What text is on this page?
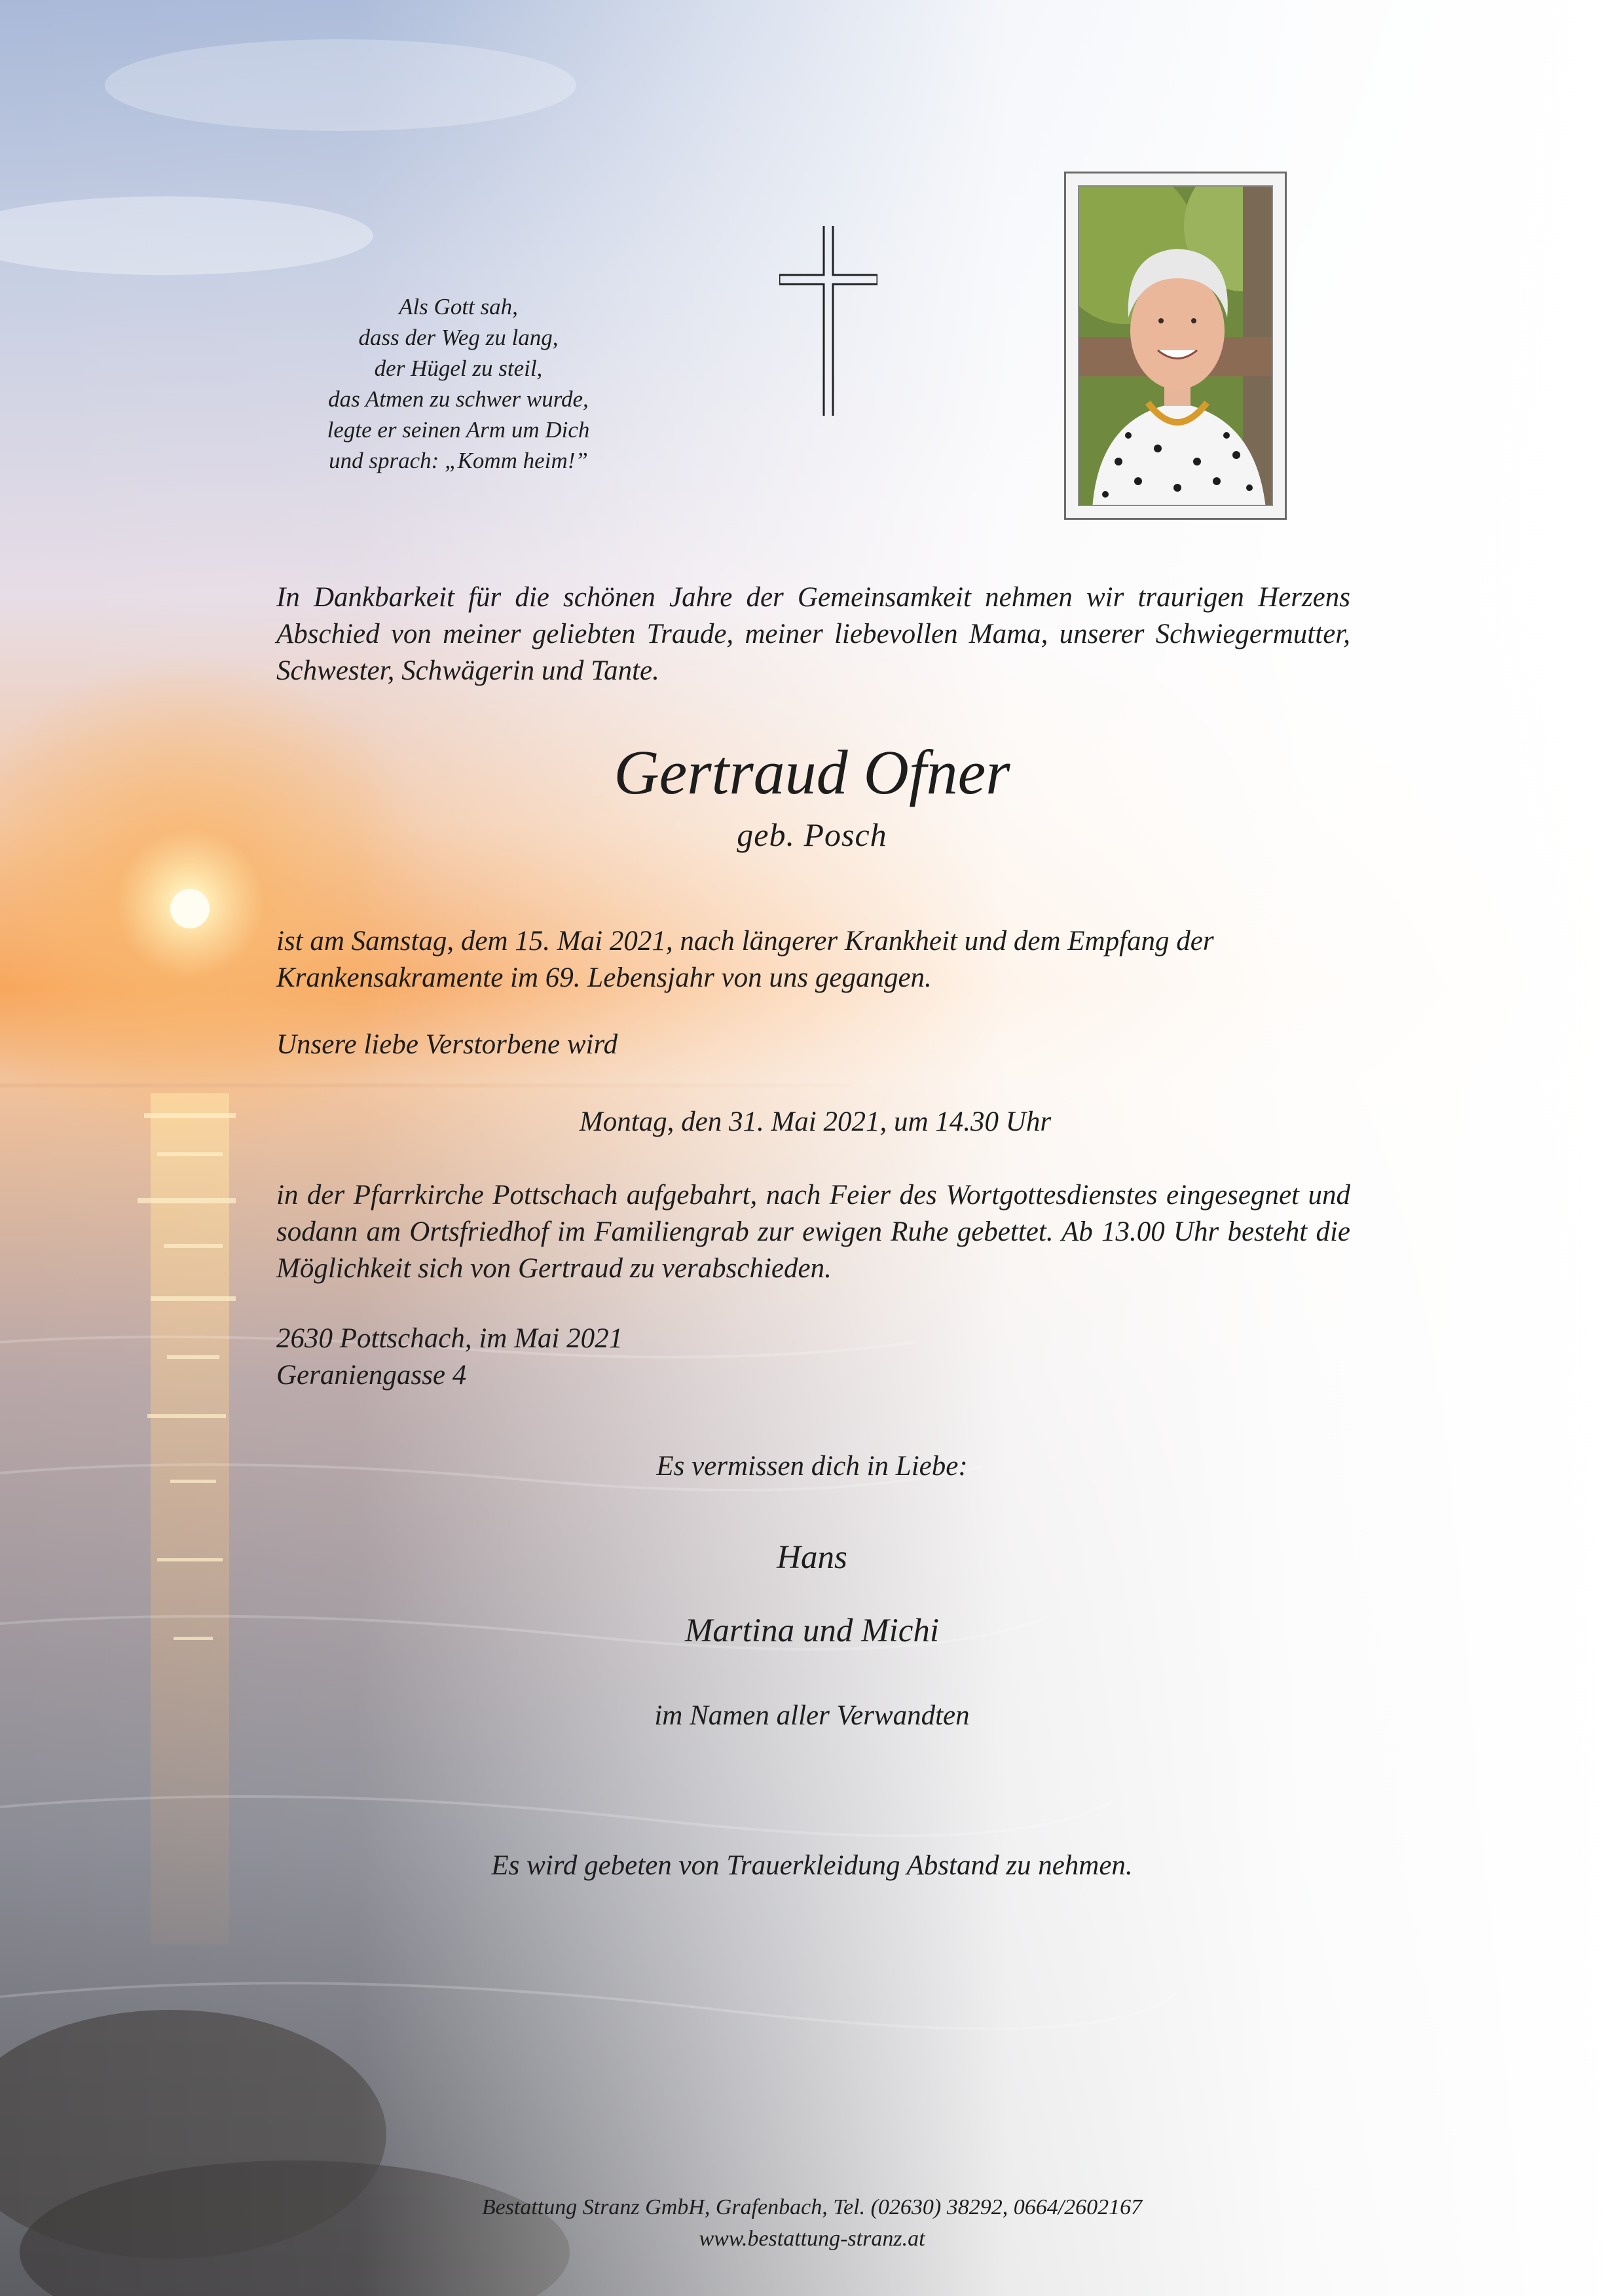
Als Gott sah,
dass der Weg zu lang,
der Hügel zu steil,
das Atmen zu schwer wurde,
legte er seinen Arm um Dich
und sprach: „Komm heim!”
In Dankbarkeit für die schönen Jahre der Gemeinsamkeit nehmen wir traurigen Herzens Abschied von meiner geliebten Traude, meiner liebevollen Mama, unserer Schwiegermutter, Schwester, Schwägerin und Tante.
Gertraud Ofner
geb. Posch
ist am Samstag, dem 15. Mai 2021, nach längerer Krankheit und dem Empfang der Krankensakramente im 69. Lebensjahr von uns gegangen.
Unsere liebe Verstorbene wird
Montag, den 31. Mai 2021, um 14.30 Uhr
in der Pfarrkirche Pottschach aufgebahrt, nach Feier des Wortgottesdienstes eingesegnet und sodann am Ortsfriedhof im Familiengrab zur ewigen Ruhe gebettet. Ab 13.00 Uhr besteht die Möglichkeit sich von Gertraud zu verabschieden.
2630 Pottschach, im Mai 2021
Geraniengasse 4
Es vermissen dich in Liebe:
Hans
Martina und Michi
im Namen aller Verwandten
Es wird gebeten von Trauerkleidung Abstand zu nehmen.
Bestattung Stranz GmbH, Grafenbach, Tel. (02630) 38292, 0664/2602167
www.bestattung-stranz.at
